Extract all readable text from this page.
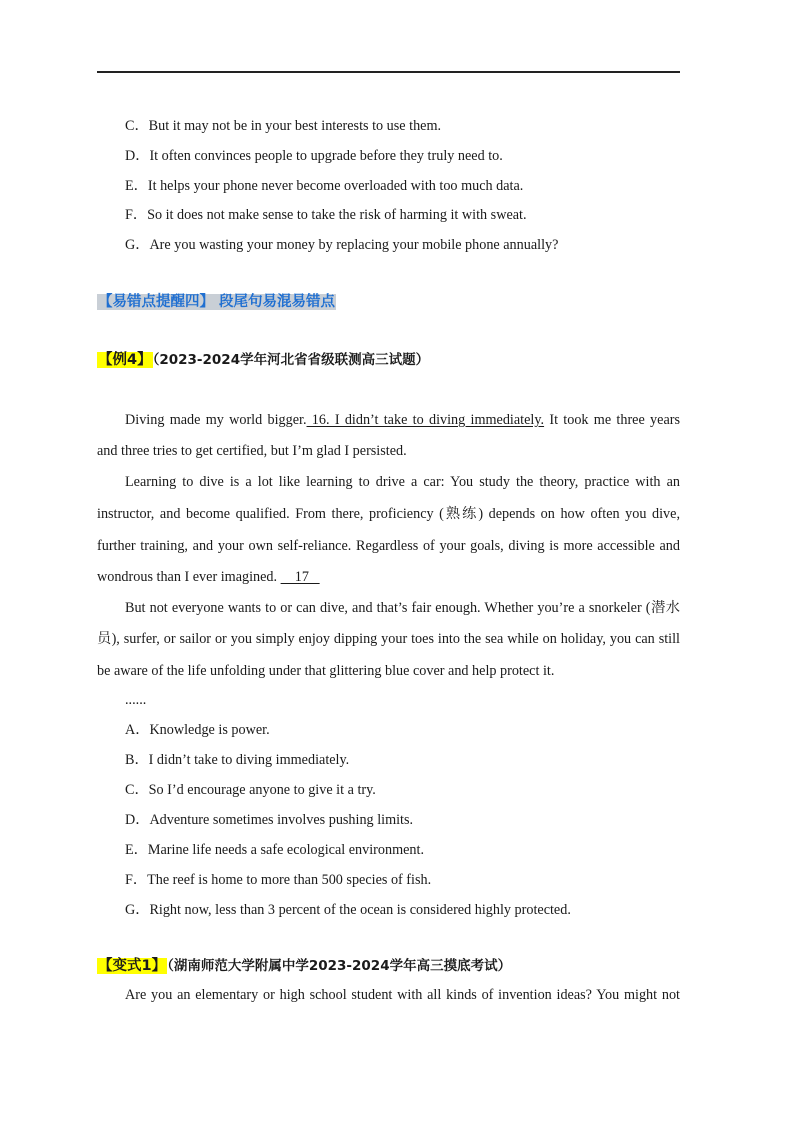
C．But it may not be in your best interests to use them.
D．It often convinces people to upgrade before they truly need to.
E．It helps your phone never become overloaded with too much data.
F．So it does not make sense to take the risk of harming it with sweat.
G．Are you wasting your money by replacing your mobile phone annually?
【易错点提醒四】 段尾句易混易错点
【例4】（2023-2024学年河北省省级联测高三试题）
Diving made my world bigger. 16. I didn’t take to diving immediately. It took me three years
and three tries to get certified, but I’m glad I persisted.
Learning to dive is a lot like learning to drive a car: You study the theory, practice with an
instructor, and become qualified. From there, proficiency (熟练) depends on how often you dive,
further training, and your own self-reliance. Regardless of your goals, diving is more accessible and
wondrous than I ever imagined.     17
But not everyone wants to or can dive, and that’s fair enough. Whether you’re a snorkeler (潜水
员), surfer, or sailor or you simply enjoy dipping your toes into the sea while on holiday, you can still
be aware of the life unfolding under that glittering blue cover and help protect it.
......
A．Knowledge is power.
B．I didn’t take to diving immediately.
C．So I’d encourage anyone to give it a try.
D．Adventure sometimes involves pushing limits.
E．Marine life needs a safe ecological environment.
F．The reef is home to more than 500 species of fish.
G．Right now, less than 3 percent of the ocean is considered highly protected.
【变式1】（湖南师范大学附属中学2023-2024学年高三摸底考试）
Are you an elementary or high school student with all kinds of invention ideas? You might not
